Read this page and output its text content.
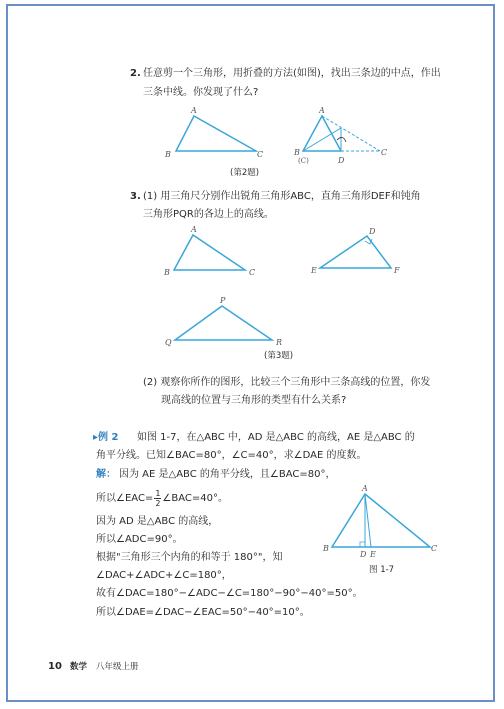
2. 任意剪一个三角形，用折叠的方法(如图)，找出三条边的中点，作出
三条中线。你发现了什么?
A
B	C
A
B	C
(C)	D
A
B	C
D
E	F
P
Q	R
A
B	C
D E
(第2题)
3. (1) 用三角尺分别作出锐角三角形ABC，直角三角形DEF和钝角
三角形PQR的各边上的高线。
(第3题)
(2) 观察你所作的图形，比较三个三角形中三条高线的位置，你发
现高线的位置与三角形的类型有什么关系?
▸例 2 如图 1-7，在△ABC 中，AD 是△ABC 的高线，AE 是△ABC 的
角平分线。已知∠BAC=80°，∠C=40°，求∠DAE 的度数。
解： 因为 AE 是△ABC 的角平分线，且∠BAC=80°，
所以∠EAC= $\frac{1}{2}$ ∠BAC=40°。
因为 AD 是△ABC 的高线，
所以∠ADC=90°。
根据"三角形三个内角的和等于 180°"，知
∠DAC+∠ADC+∠C=180°，
故有∠DAC=180°−∠ADC−∠C=180°−90°−40°=50°。
所以∠DAE=∠DAC−∠EAC=50°−40°=10°。
图 1-7
10 数学 八年级上册
